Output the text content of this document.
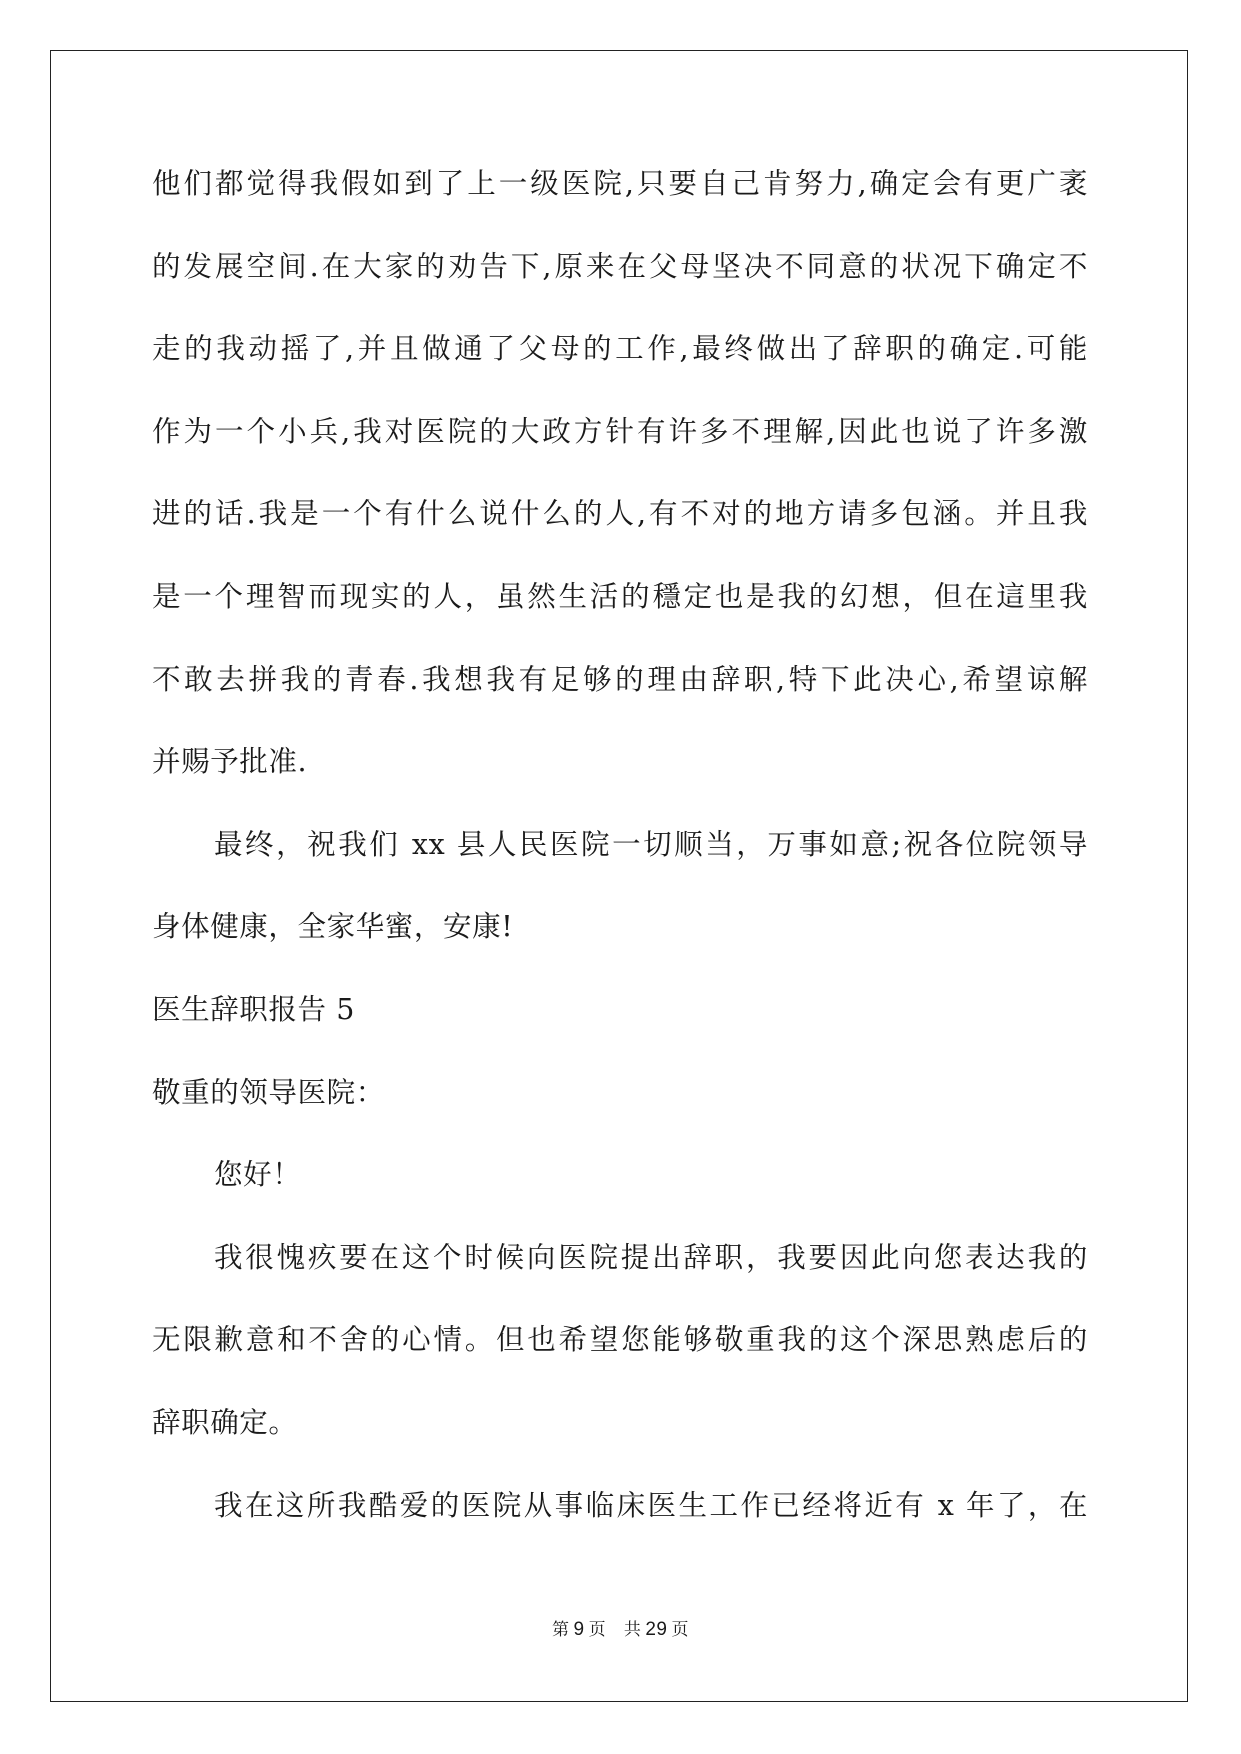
他们都觉得我假如到了上一级医院,只要自己肯努力,确定会有更广袤
的发展空间.在大家的劝告下,原来在父母坚决不同意的状况下确定不
走的我动摇了,并且做通了父母的工作,最终做出了辞职的确定.可能
作为一个小兵,我对医院的大政方针有许多不理解,因此也说了许多激
进的话.我是一个有什么说什么的人,有不对的地方请多包涵。并且我
是一个理智而现实的人，虽然生活的穩定也是我的幻想，但在這里我
不敢去拼我的青春.我想我有足够的理由辞职,特下此决心,希望谅解
并赐予批准.
最终，祝我们 xx 县人民医院一切顺当，万事如意;祝各位院领导
身体健康，全家华蜜，安康!
医生辞职报告 5
敬重的领导医院：
您好！
我很愧疚要在这个时候向医院提出辞职，我要因此向您表达我的
无限歉意和不舍的心情。但也希望您能够敬重我的这个深思熟虑后的
辞职确定。
我在这所我酷爱的医院从事临床医生工作已经将近有 x 年了，在
第 9 页 共 29 页
